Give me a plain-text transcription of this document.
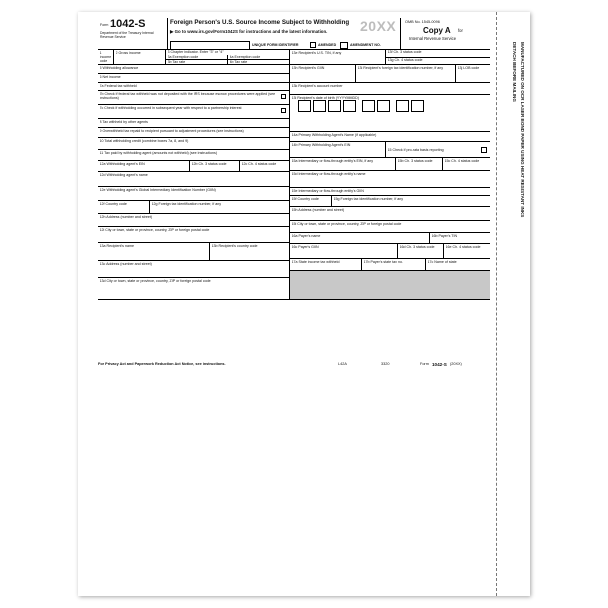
DETACH BEFORE MAILING MANUFACTURED ON OCR LASER BOND PAPER USING HEAT RESISTANT INKS
Form 1042-S
Department of the Treasury Internal Revenue Service
Foreign Person's U.S. Source Income Subject to Withholding
▶ Go to www.irs.gov/Form1042S for instructions and the latest information. 20XX OMB No. 1545-0096
Copy A for
Internal Revenue Service
UNIQUE FORM IDENTIFIER	AMENDED	AMENDMENT NO.
1 Income code
2 Gross income	3 Chapter indicator. Enter "3" or "4"
3a Exemption code	4a Exemption code
3b Tax rate	4b Tax rate
5 Withholding allowance
6 Net income
7a Federal tax withheld
7b Check if federal tax withheld was not deposited with the IRS because escrow procedures were applied (see instructions)
7c Check if withholding occurred in subsequent year with respect to a partnership interest
8 Tax withheld by other agents
9 Overwithheld tax repaid to recipient pursuant to adjustment procedures (see instructions)
10 Total withholding credit (combine boxes 7a, 8, and 9)
11 Tax paid by withholding agent (amounts not withheld) (see instructions)
12a Withholding agent's EIN	12b Ch. 3 status code	12c Ch. 4 status code
12d Withholding agent's name
12e Withholding agent's Global Intermediary Identification Number (GIIN)
12f Country code	12g Foreign tax identification number, if any
12h Address (number and street)
12i City or town, state or province, country, ZIP or foreign postal code
13a Recipient's name	13b Recipient's country code
13c Address (number and street)
13d City or town, state or province, country, ZIP or foreign postal code
13e Recipient's U.S. TIN, if any	13f Ch. 3 status code
13g Ch. 4 status code
13h Recipient's GIIN	13i Recipient's foreign tax identification number, if any	13j LOB code
13k Recipient's account number
13l Recipient's date of birth (YYYYMMDD)
14a Primary Withholding Agent's Name (if applicable)
14b Primary Withholding Agent's EIN
15 Check if pro-rata basis reporting
15a Intermediary or flow-through entity's EIN, if any	15b Ch. 3 status code	15c Ch. 4 status code
15d Intermediary or flow-through entity's name
15e Intermediary or flow-through entity's GIIN
15f Country code	15g Foreign tax identification number, if any
15h Address (number and street)
15i City or town, state or province, country, ZIP or foreign postal code
16a Payer's name	16b Payer's TIN
16c Payer's GIIN	16d Ch. 3 status code	16e Ch. 4 status code
17a State income tax withheld	17b Payer's state tax no.	17c Name of state
For Privacy Act and Paperwork Reduction Act Notice, see instructions.	L42A	3320	Form 1042-S (20XX)
